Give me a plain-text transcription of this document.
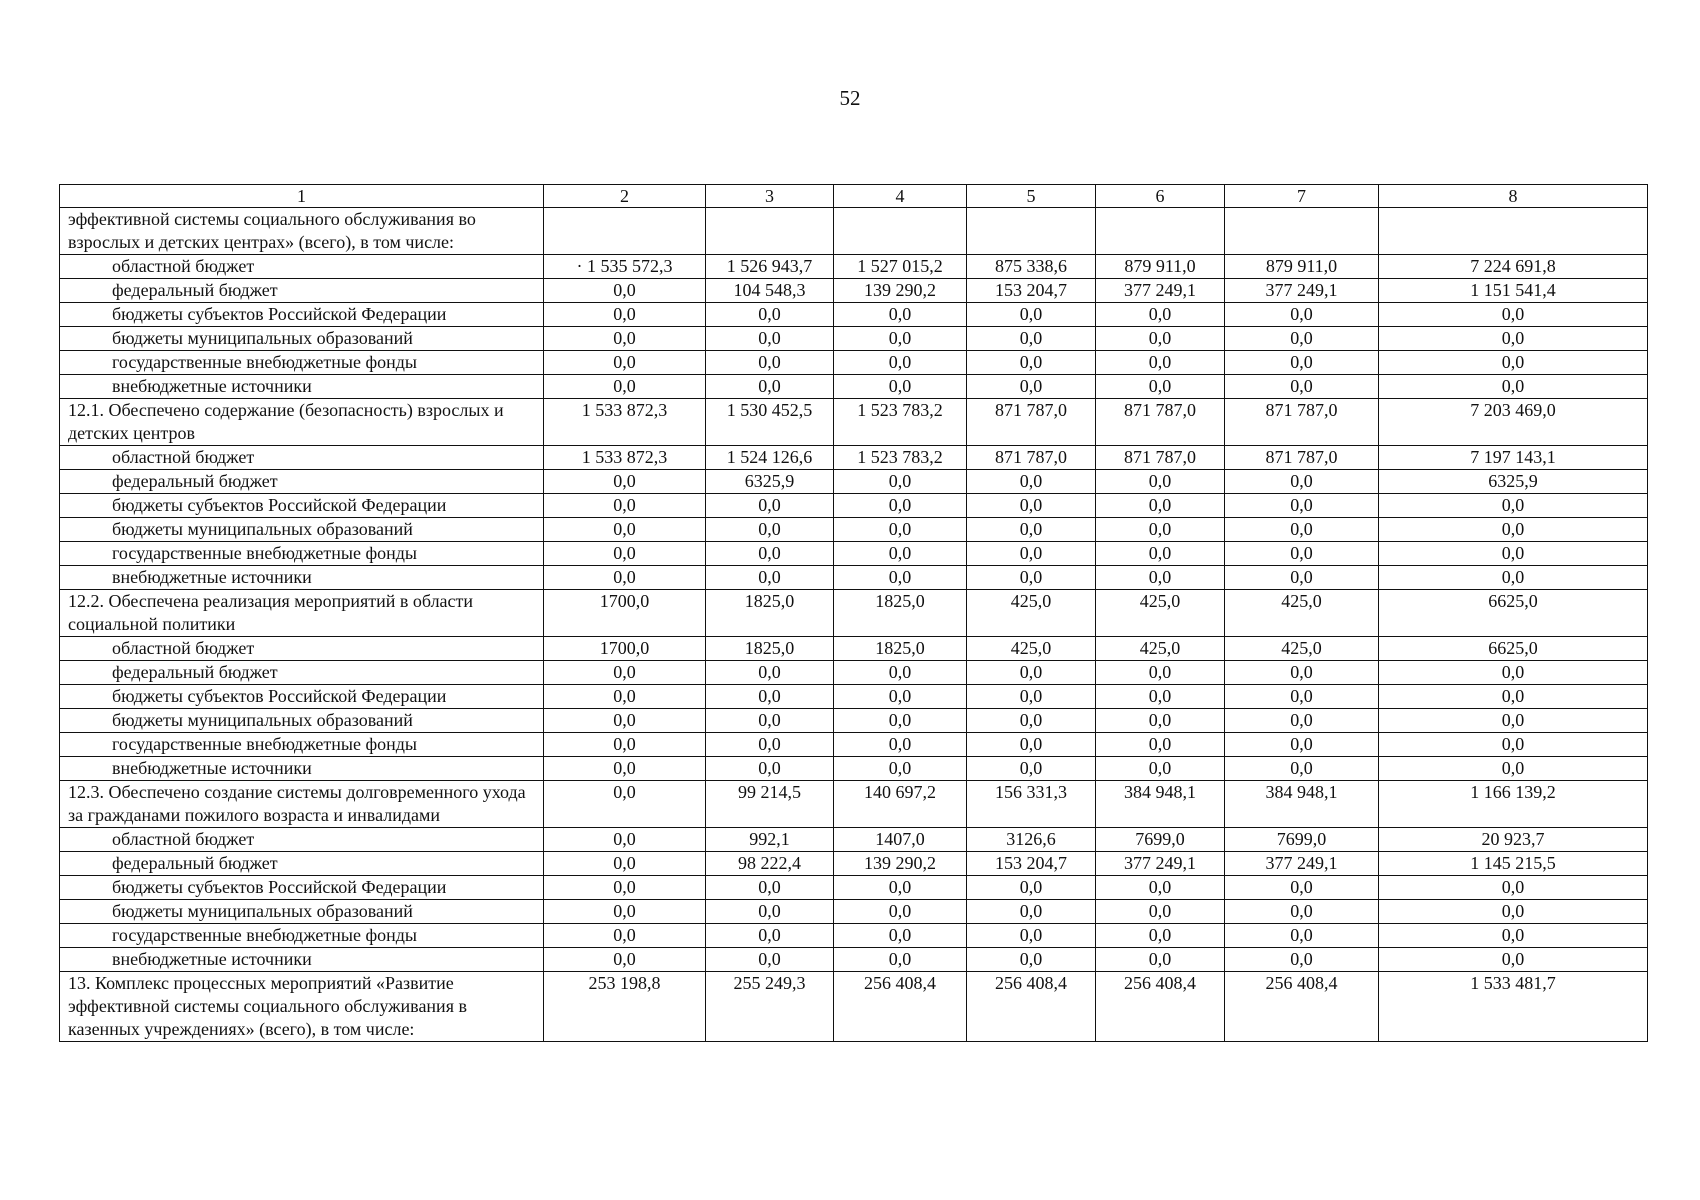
52
1	2	3	4	5	6	7	8
эффективной системы социального обслуживания во взрослых и детских центрах» (всего), в том числе:							
областной бюджет	· 1 535 572,3	1 526 943,7	1 527 015,2	875 338,6	879 911,0	879 911,0	7 224 691,8
федеральный бюджет	0,0	104 548,3	139 290,2	153 204,7	377 249,1	377 249,1	1 151 541,4
бюджеты субъектов Российской Федерации	0,0	0,0	0,0	0,0	0,0	0,0	0,0
бюджеты муниципальных образований	0,0	0,0	0,0	0,0	0,0	0,0	0,0
государственные внебюджетные фонды	0,0	0,0	0,0	0,0	0,0	0,0	0,0
внебюджетные источники	0,0	0,0	0,0	0,0	0,0	0,0	0,0
12.1. Обеспечено содержание (безопасность) взрослых и детских центров	1 533 872,3	1 530 452,5	1 523 783,2	871 787,0	871 787,0	871 787,0	7 203 469,0
областной бюджет	1 533 872,3	1 524 126,6	1 523 783,2	871 787,0	871 787,0	871 787,0	7 197 143,1
федеральный бюджет	0,0	6325,9	0,0	0,0	0,0	0,0	6325,9
бюджеты субъектов Российской Федерации	0,0	0,0	0,0	0,0	0,0	0,0	0,0
бюджеты муниципальных образований	0,0	0,0	0,0	0,0	0,0	0,0	0,0
государственные внебюджетные фонды	0,0	0,0	0,0	0,0	0,0	0,0	0,0
внебюджетные источники	0,0	0,0	0,0	0,0	0,0	0,0	0,0
12.2. Обеспечена реализация мероприятий в области социальной политики	1700,0	1825,0	1825,0	425,0	425,0	425,0	6625,0
областной бюджет	1700,0	1825,0	1825,0	425,0	425,0	425,0	6625,0
федеральный бюджет	0,0	0,0	0,0	0,0	0,0	0,0	0,0
бюджеты субъектов Российской Федерации	0,0	0,0	0,0	0,0	0,0	0,0	0,0
бюджеты муниципальных образований	0,0	0,0	0,0	0,0	0,0	0,0	0,0
государственные внебюджетные фонды	0,0	0,0	0,0	0,0	0,0	0,0	0,0
внебюджетные источники	0,0	0,0	0,0	0,0	0,0	0,0	0,0
12.3. Обеспечено создание системы долговременного ухода за гражданами пожилого возраста и инвалидами	0,0	99 214,5	140 697,2	156 331,3	384 948,1	384 948,1	1 166 139,2
областной бюджет	0,0	992,1	1407,0	3126,6	7699,0	7699,0	20 923,7
федеральный бюджет	0,0	98 222,4	139 290,2	153 204,7	377 249,1	377 249,1	1 145 215,5
бюджеты субъектов Российской Федерации	0,0	0,0	0,0	0,0	0,0	0,0	0,0
бюджеты муниципальных образований	0,0	0,0	0,0	0,0	0,0	0,0	0,0
государственные внебюджетные фонды	0,0	0,0	0,0	0,0	0,0	0,0	0,0
внебюджетные источники	0,0	0,0	0,0	0,0	0,0	0,0	0,0
13. Комплекс процессных мероприятий «Развитие эффективной системы социального обслуживания в казенных учреждениях» (всего), в том числе:	253 198,8	255 249,3	256 408,4	256 408,4	256 408,4	256 408,4	1 533 481,7
